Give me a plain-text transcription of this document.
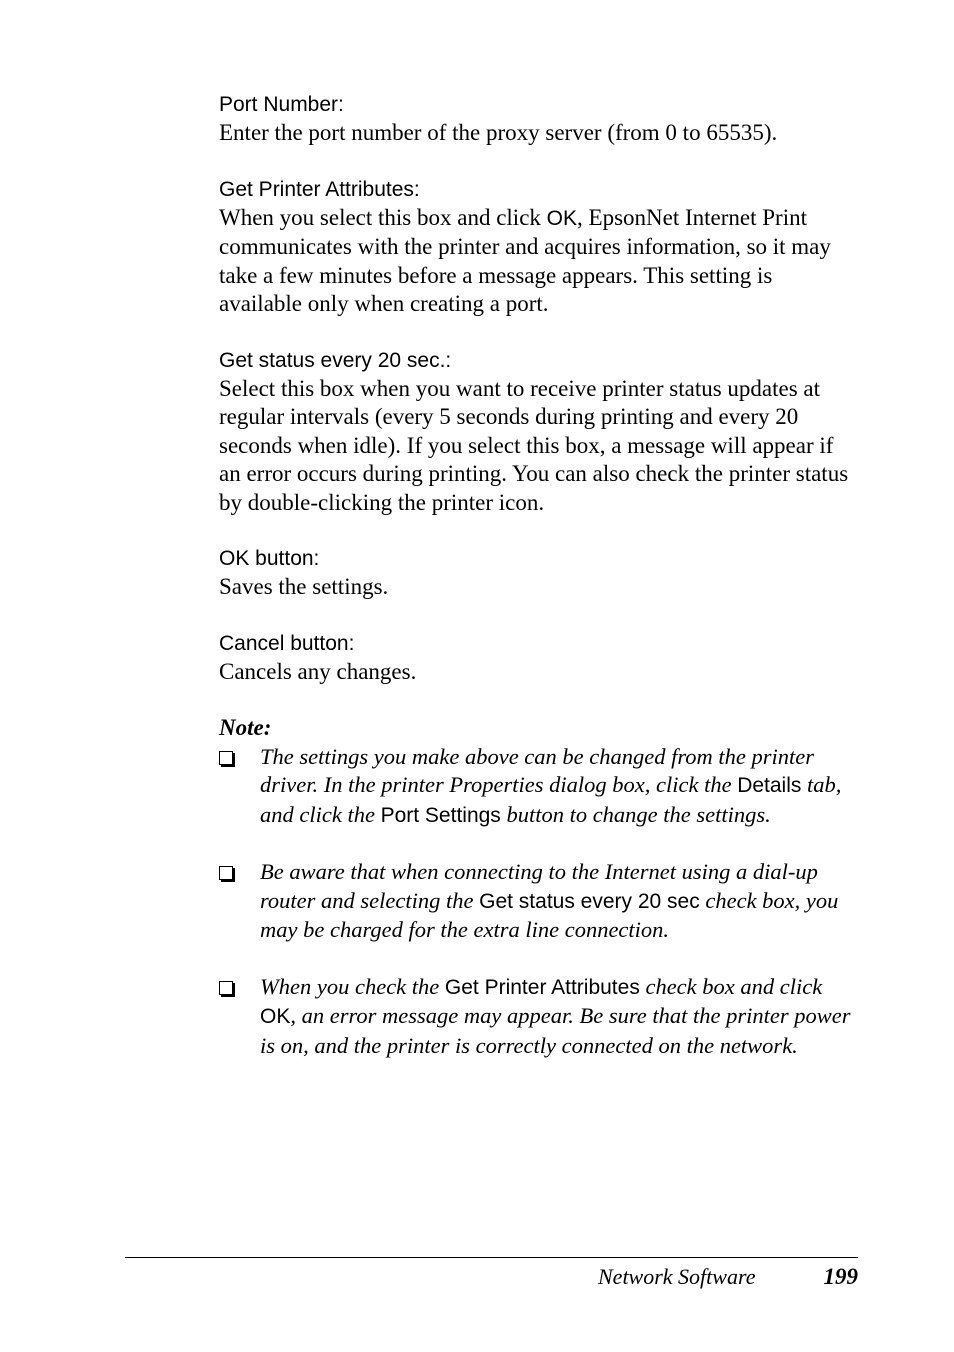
Port Number:
Enter the port number of the proxy server (from 0 to 65535).
Get Printer Attributes:
When you select this box and click OK, EpsonNet Internet Print communicates with the printer and acquires information, so it may take a few minutes before a message appears. This setting is available only when creating a port.
Get status every 20 sec.:
Select this box when you want to receive printer status updates at regular intervals (every 5 seconds during printing and every 20 seconds when idle). If you select this box, a message will appear if an error occurs during printing. You can also check the printer status by double-clicking the printer icon.
OK button:
Saves the settings.
Cancel button:
Cancels any changes.
Note:
The settings you make above can be changed from the printer driver. In the printer Properties dialog box, click the Details tab, and click the Port Settings button to change the settings.
Be aware that when connecting to the Internet using a dial-up router and selecting the Get status every 20 sec check box, you may be charged for the extra line connection.
When you check the Get Printer Attributes check box and click OK, an error message may appear. Be sure that the printer power is on, and the printer is correctly connected on the network.
Network Software	199
